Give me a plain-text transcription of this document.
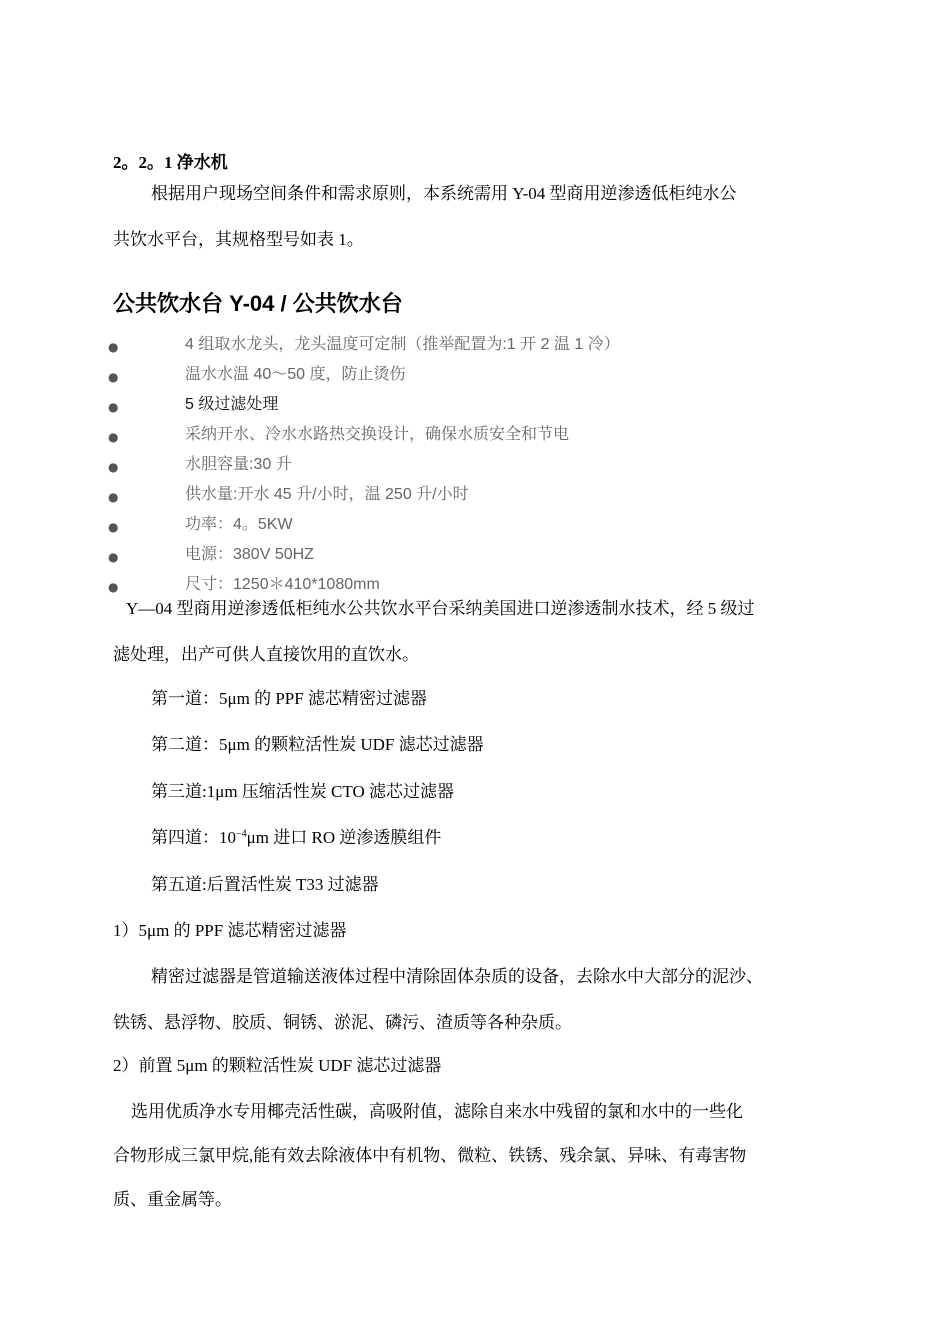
2。2。1 净水机
根据用户现场空间条件和需求原则，本系统需用 Y-04 型商用逆渗透低柜纯水公
共饮水平台，其规格型号如表 1。
公共饮水台 Y-04 / 公共饮水台
●	4 组取水龙头，龙头温度可定制（推举配置为:1 开 2 温 1 冷）
●	温水水温 40～50 度，防止烫伤
●	5 级过滤处理
●	采纳开水、冷水水路热交换设计，确保水质安全和节电
●	水胆容量:30 升
●	供水量:开水 45 升/小时，温 250 升/小时
●	功率：4。5KW
●	电源：380V 50HZ
●	尺寸：1250＊410*1080mm
Y—04 型商用逆渗透低柜纯水公共饮水平台采纳美国进口逆渗透制水技术，经 5 级过
滤处理，出产可供人直接饮用的直饮水。
第一道：5μm 的 PPF 滤芯精密过滤器
第二道：5μm 的颗粒活性炭 UDF 滤芯过滤器
第三道:1μm 压缩活性炭 CTO 滤芯过滤器
第四道：$10^{-4}\mu m$ 进口 RO 逆渗透膜组件
第五道:后置活性炭 T33 过滤器
1）5μm 的 PPF 滤芯精密过滤器
精密过滤器是管道输送液体过程中清除固体杂质的设备，去除水中大部分的泥沙、
铁锈、悬浮物、胶质、铜锈、淤泥、磷污、渣质等各种杂质。
2）前置 5μm 的颗粒活性炭 UDF 滤芯过滤器
选用优质净水专用椰壳活性碳，高吸附值，滤除自来水中残留的氯和水中的一些化
合物形成三氯甲烷,能有效去除液体中有机物、微粒、铁锈、残余氯、异味、有毒害物
质、重金属等。
